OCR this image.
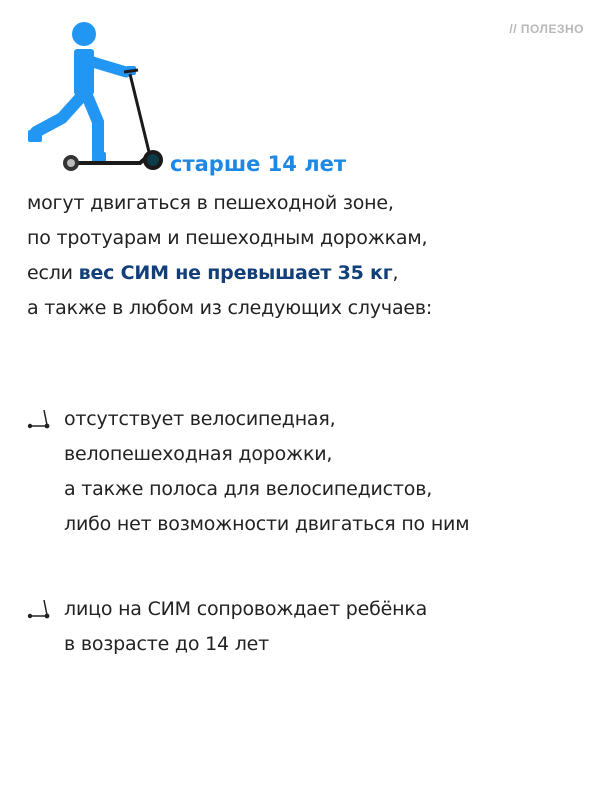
// ПОЛЕЗНО
старше 14 лет
могут двигаться в пешеходной зоне,
по тротуарам и пешеходным дорожкам,
если вес СИМ не превышает 35 кг,
а также в любом из следующих случаев:
отсутствует велосипедная,
велопешеходная дорожки,
а также полоса для велосипедистов,
либо нет возможности двигаться по ним
лицо на СИМ сопровождает ребёнка
в возрасте до 14 лет
